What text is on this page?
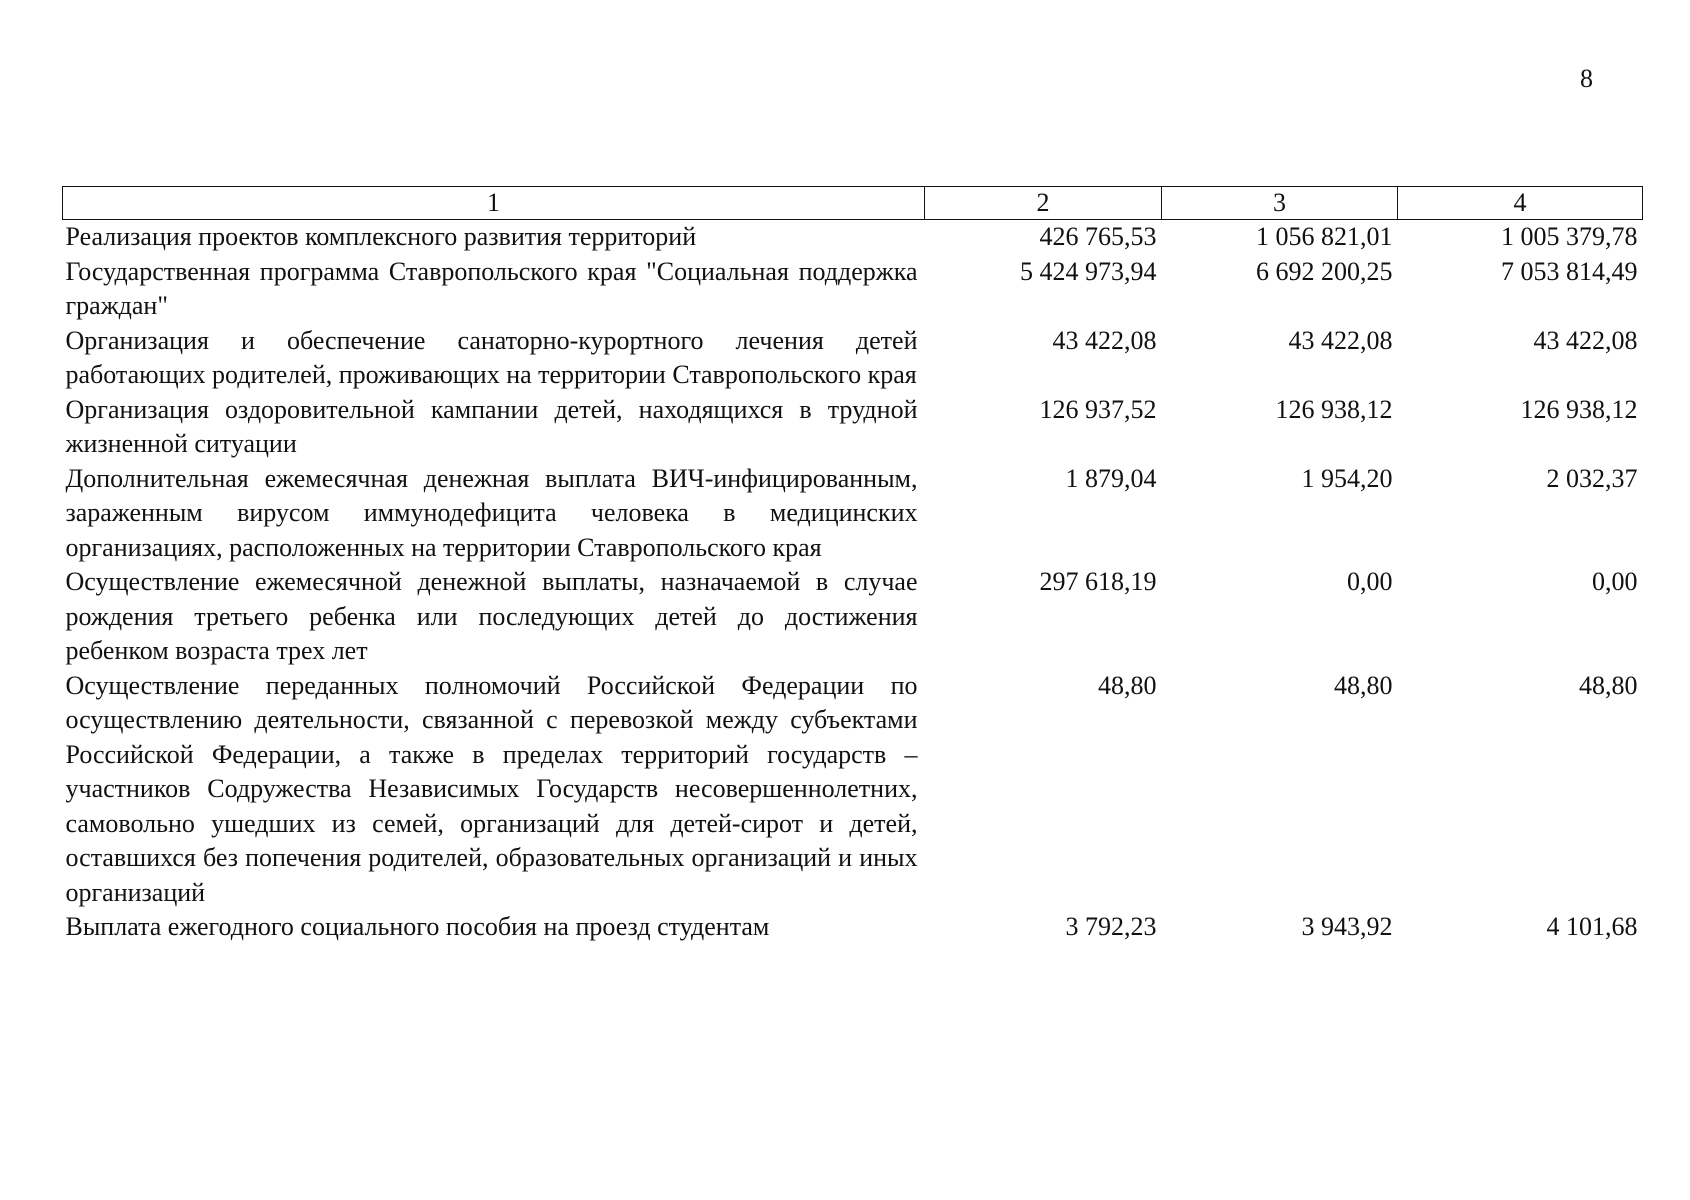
8
1	2	3	4

Реализация проектов комплексного развития территорий	426 765,53	1 056 821,01	1 005 379,78

Государственная программа Ставропольского края "Социальная поддержка граждан"	5 424 973,94	6 692 200,25	7 053 814,49

Организация и обеспечение санаторно-курортного лечения детей работающих родителей, проживающих на территории Ставропольского края	43 422,08	43 422,08	43 422,08

Организация оздоровительной кампании детей, находящихся в трудной жизненной ситуации	126 937,52	126 938,12	126 938,12

Дополнительная ежемесячная денежная выплата ВИЧ-инфицированным, зараженным вирусом иммунодефицита человека в медицинских организациях, расположенных на территории Ставропольского края	1 879,04	1 954,20	2 032,37

Осуществление ежемесячной денежной выплаты, назначаемой в случае рождения третьего ребенка или последующих детей до достижения ребенком возраста трех лет	297 618,19	0,00	0,00

Осуществление переданных полномочий Российской Федерации по осуществлению деятельности, связанной с перевозкой между субъектами Российской Федерации, а также в пределах территорий государств – участников Содружества Независимых Государств несовершеннолетних, самовольно ушедших из семей, организаций для детей-сирот и детей, оставшихся без попечения родителей, образовательных организаций и иных организаций	48,80	48,80	48,80

Выплата ежегодного социального пособия на проезд студентам	3 792,23	3 943,92	4 101,68
